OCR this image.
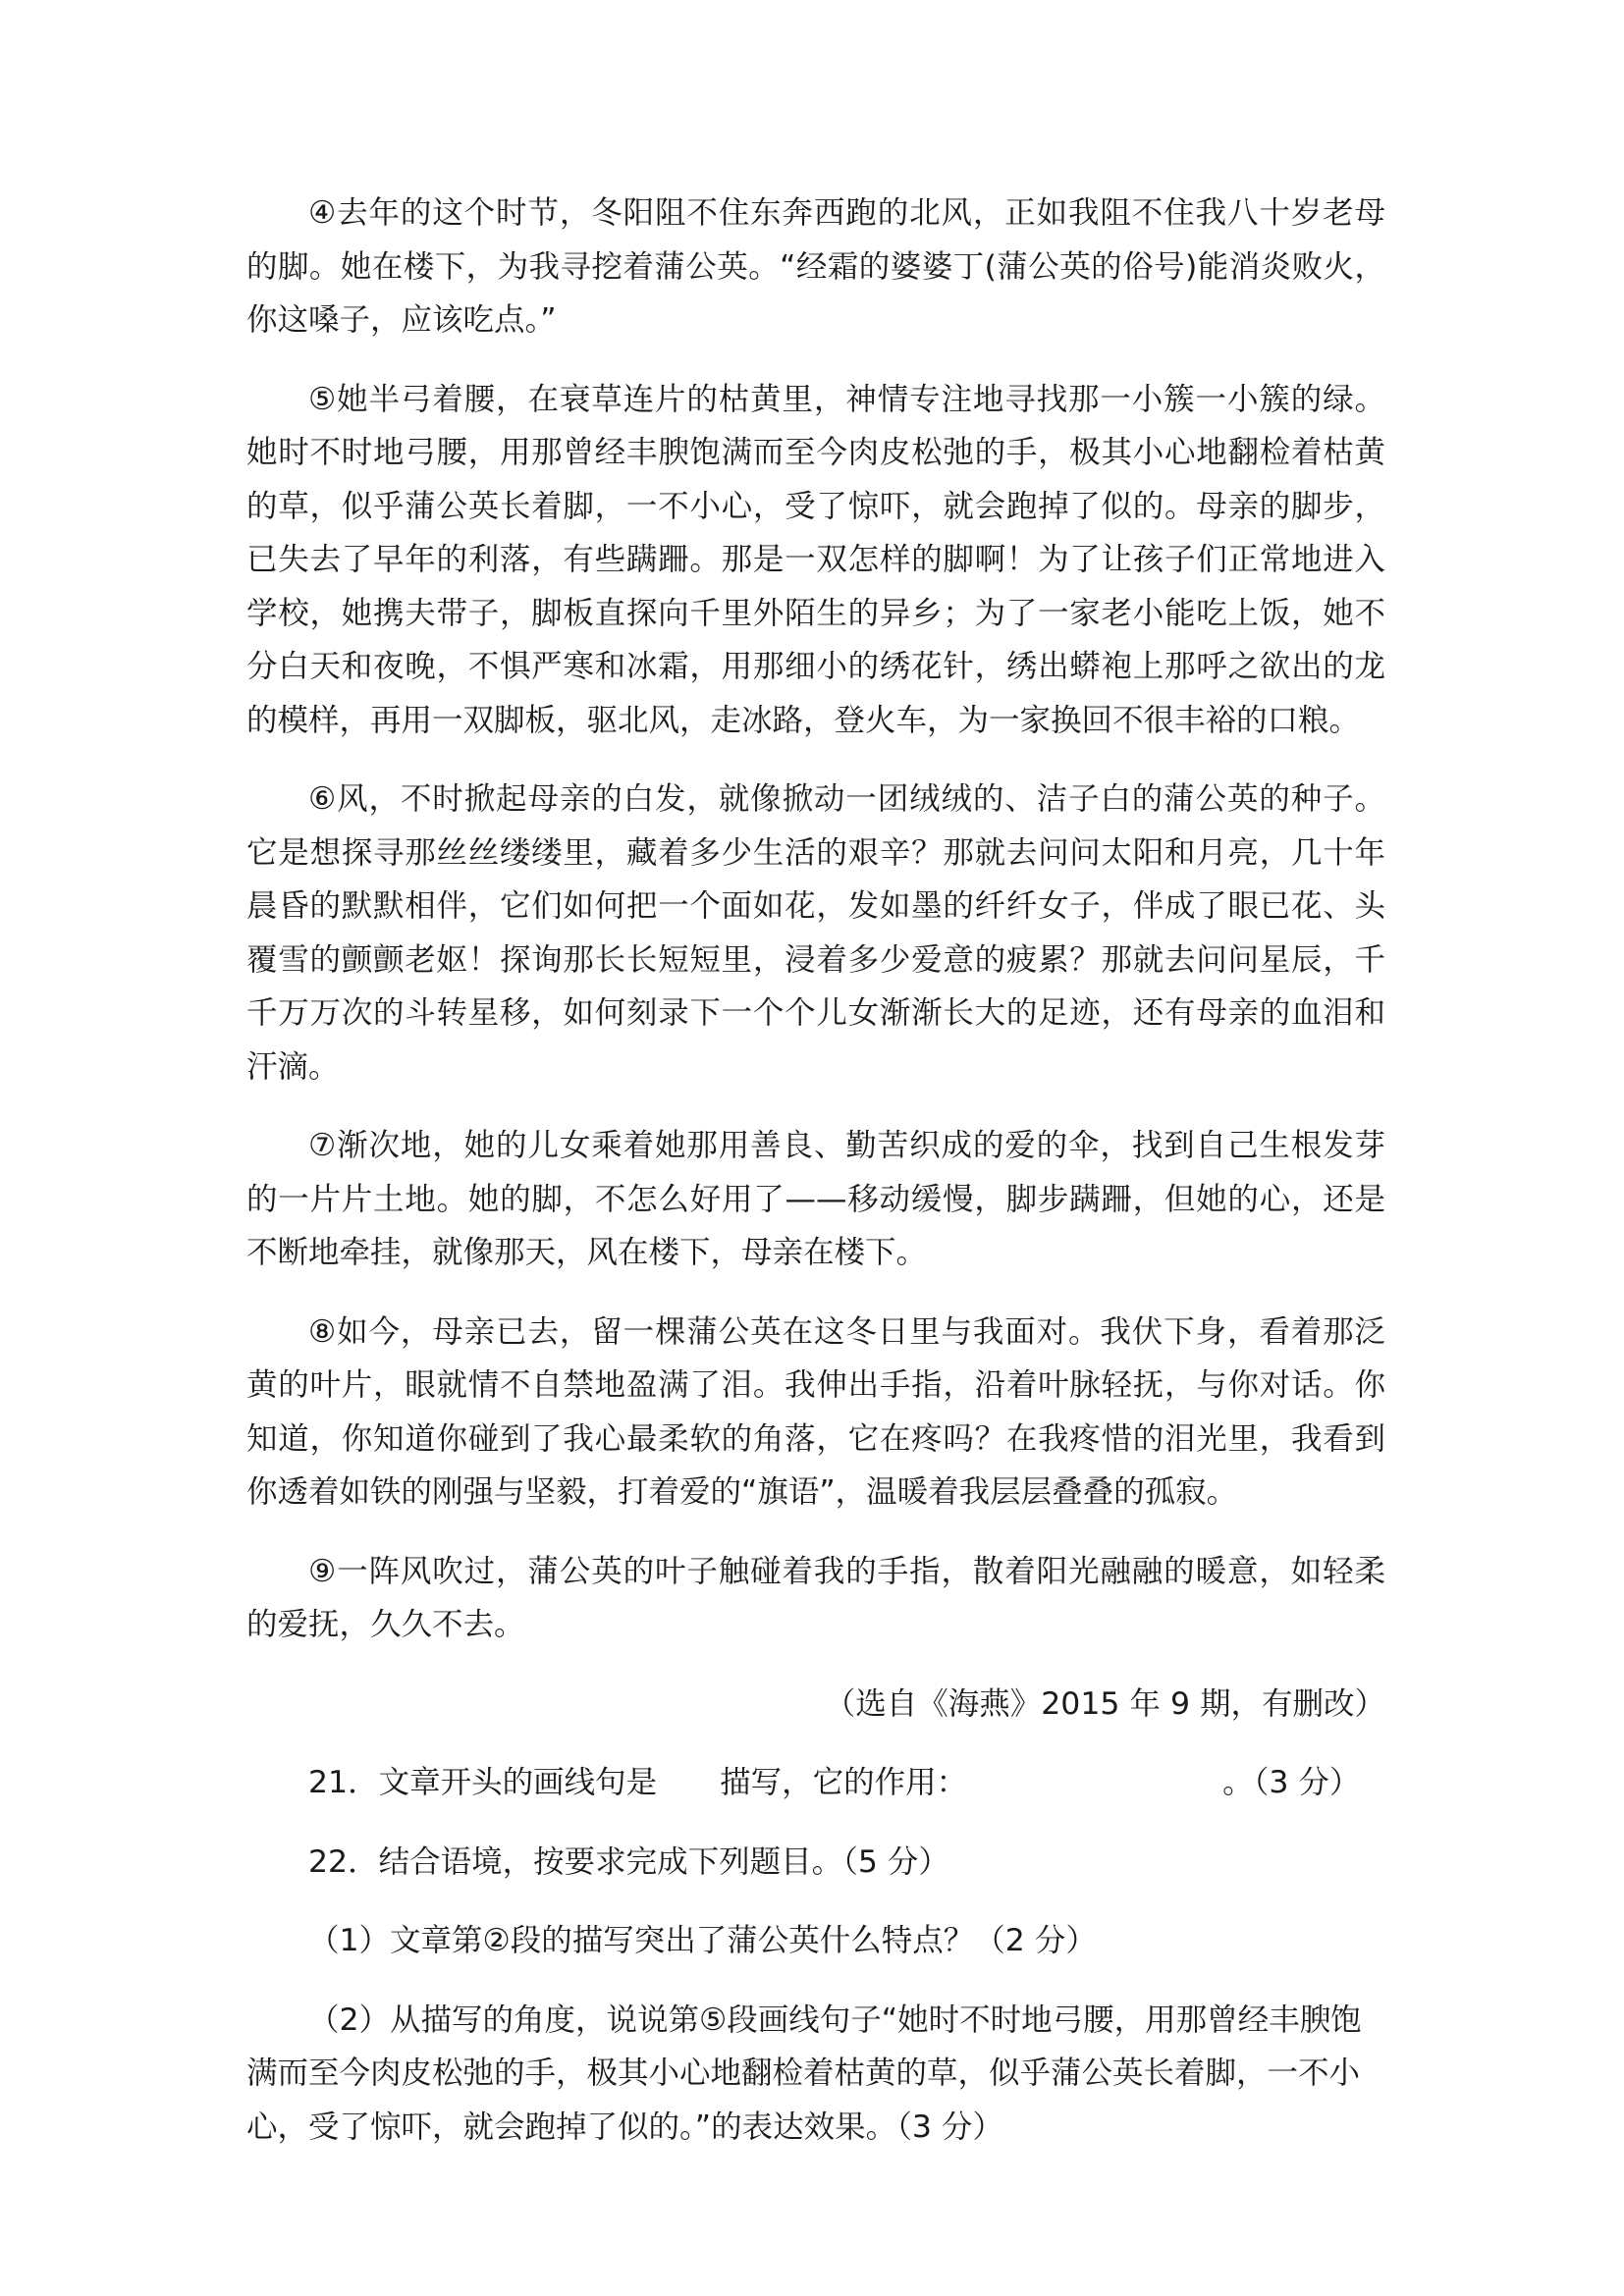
④去年的这个时节，冬阳阻不住东奔西跑的北风，正如我阻不住我八十岁老母的脚。她在楼下，为我寻挖着蒲公英。“经霜的婆婆丁(蒲公英的俗号)能消炎败火，你这嗓子，应该吃点。”

⑤她半弓着腰，在衰草连片的枯黄里，神情专注地寻找那一小簇一小簇的绿。她时不时地弓腰，用那曾经丰腴饱满而至今肉皮松弛的手，极其小心地翻检着枯黄的草，似乎蒲公英长着脚，一不小心，受了惊吓，就会跑掉了似的。母亲的脚步，已失去了早年的利落，有些蹒跚。那是一双怎样的脚啊！为了让孩子们正常地进入学校，她携夫带子，脚板直探向千里外陌生的异乡；为了一家老小能吃上饭，她不分白天和夜晚，不惧严寒和冰霜，用那细小的绣花针，绣出蟒袍上那呼之欲出的龙的模样，再用一双脚板，驱北风，走冰路，登火车，为一家换回不很丰裕的口粮。

⑥风，不时掀起母亲的白发，就像掀动一团绒绒的、洁子白的蒲公英的种子。它是想探寻那丝丝缕缕里，藏着多少生活的艰辛？那就去问问太阳和月亮，几十年晨昏的默默相伴，它们如何把一个面如花，发如墨的纤纤女子，伴成了眼已花、头覆雪的颤颤老妪！探询那长长短短里，浸着多少爱意的疲累？那就去问问星辰，千千万万次的斗转星移，如何刻录下一个个儿女渐渐长大的足迹，还有母亲的血泪和汗滴。

⑦渐次地，她的儿女乘着她那用善良、勤苦织成的爱的伞，找到自己生根发芽的一片片土地。她的脚，不怎么好用了——移动缓慢，脚步蹒跚，但她的心，还是不断地牵挂，就像那天，风在楼下，母亲在楼下。

⑧如今，母亲已去，留一棵蒲公英在这冬日里与我面对。我伏下身，看着那泛黄的叶片，眼就情不自禁地盈满了泪。我伸出手指，沿着叶脉轻抚，与你对话。你知道，你知道你碰到了我心最柔软的角落，它在疼吗？在我疼惜的泪光里，我看到你透着如铁的刚强与坚毅，打着爱的“旗语”，温暖着我层层叠叠的孤寂。

⑨一阵风吹过，蒲公英的叶子触碰着我的手指，散着阳光融融的暖意，如轻柔的爱抚，久久不去。

（选自《海燕》2015 年 9 期，有删改）

21．文章开头的画线句是 描写，它的作用：	。（3 分）

22．结合语境，按要求完成下列题目。（5 分）

（1）文章第②段的描写突出了蒲公英什么特点？（2 分）

（2）从描写的角度，说说第⑤段画线句子“她时不时地弓腰，用那曾经丰腴饱满而至今肉皮松弛的手，极其小心地翻检着枯黄的草，似乎蒲公英长着脚，一不小心，受了惊吓，就会跑掉了似的。”的表达效果。（3 分）
